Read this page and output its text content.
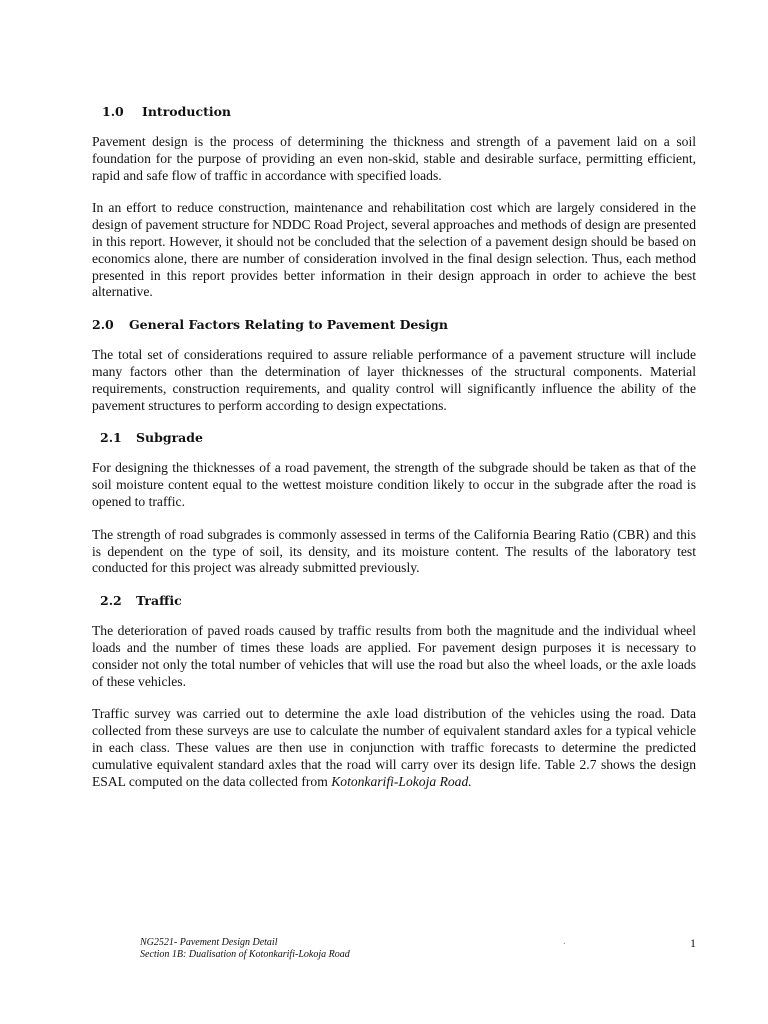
1.0	Introduction

Pavement design is the process of determining the thickness and strength of a pavement laid on a soil foundation for the purpose of providing an even non-skid, stable and desirable surface, permitting efficient, rapid and safe flow of traffic in accordance with specified loads.

In an effort to reduce construction, maintenance and rehabilitation cost which are largely considered in the design of pavement structure for NDDC Road Project, several approaches and methods of design are presented in this report. However, it should not be concluded that the selection of a pavement design should be based on economics alone, there are number of consideration involved in the final design selection. Thus, each method presented in this report provides better information in their design approach in order to achieve the best alternative.

2.0	General Factors Relating to Pavement Design

The total set of considerations required to assure reliable performance of a pavement structure will include many factors other than the determination of layer thicknesses of the structural components. Material requirements, construction requirements, and quality control will significantly influence the ability of the pavement structures to perform according to design expectations.

2.1	Subgrade

For designing the thicknesses of a road pavement, the strength of the subgrade should be taken as that of the soil moisture content equal to the wettest moisture condition likely to occur in the subgrade after the road is opened to traffic.

The strength of road subgrades is commonly assessed in terms of the California Bearing Ratio (CBR) and this is dependent on the type of soil, its density, and its moisture content. The results of the laboratory test conducted for this project was already submitted previously.

2.2	Traffic

The deterioration of paved roads caused by traffic results from both the magnitude and the individual wheel loads and the number of times these loads are applied. For pavement design purposes it is necessary to consider not only the total number of vehicles that will use the road but also the wheel loads, or the axle loads of these vehicles.

Traffic survey was carried out to determine the axle load distribution of the vehicles using the road. Data collected from these surveys are use to calculate the number of equivalent standard axles for a typical vehicle in each class. These values are then use in conjunction with traffic forecasts to determine the predicted cumulative equivalent standard axles that the road will carry over its design life. Table 2.7 shows the design ESAL computed on the data collected from Kotonkarifi-Lokoja Road.

NG2521- Pavement Design Detail
Section 1B: Dualisation of Kotonkarifi-Lokoja Road
.	1
